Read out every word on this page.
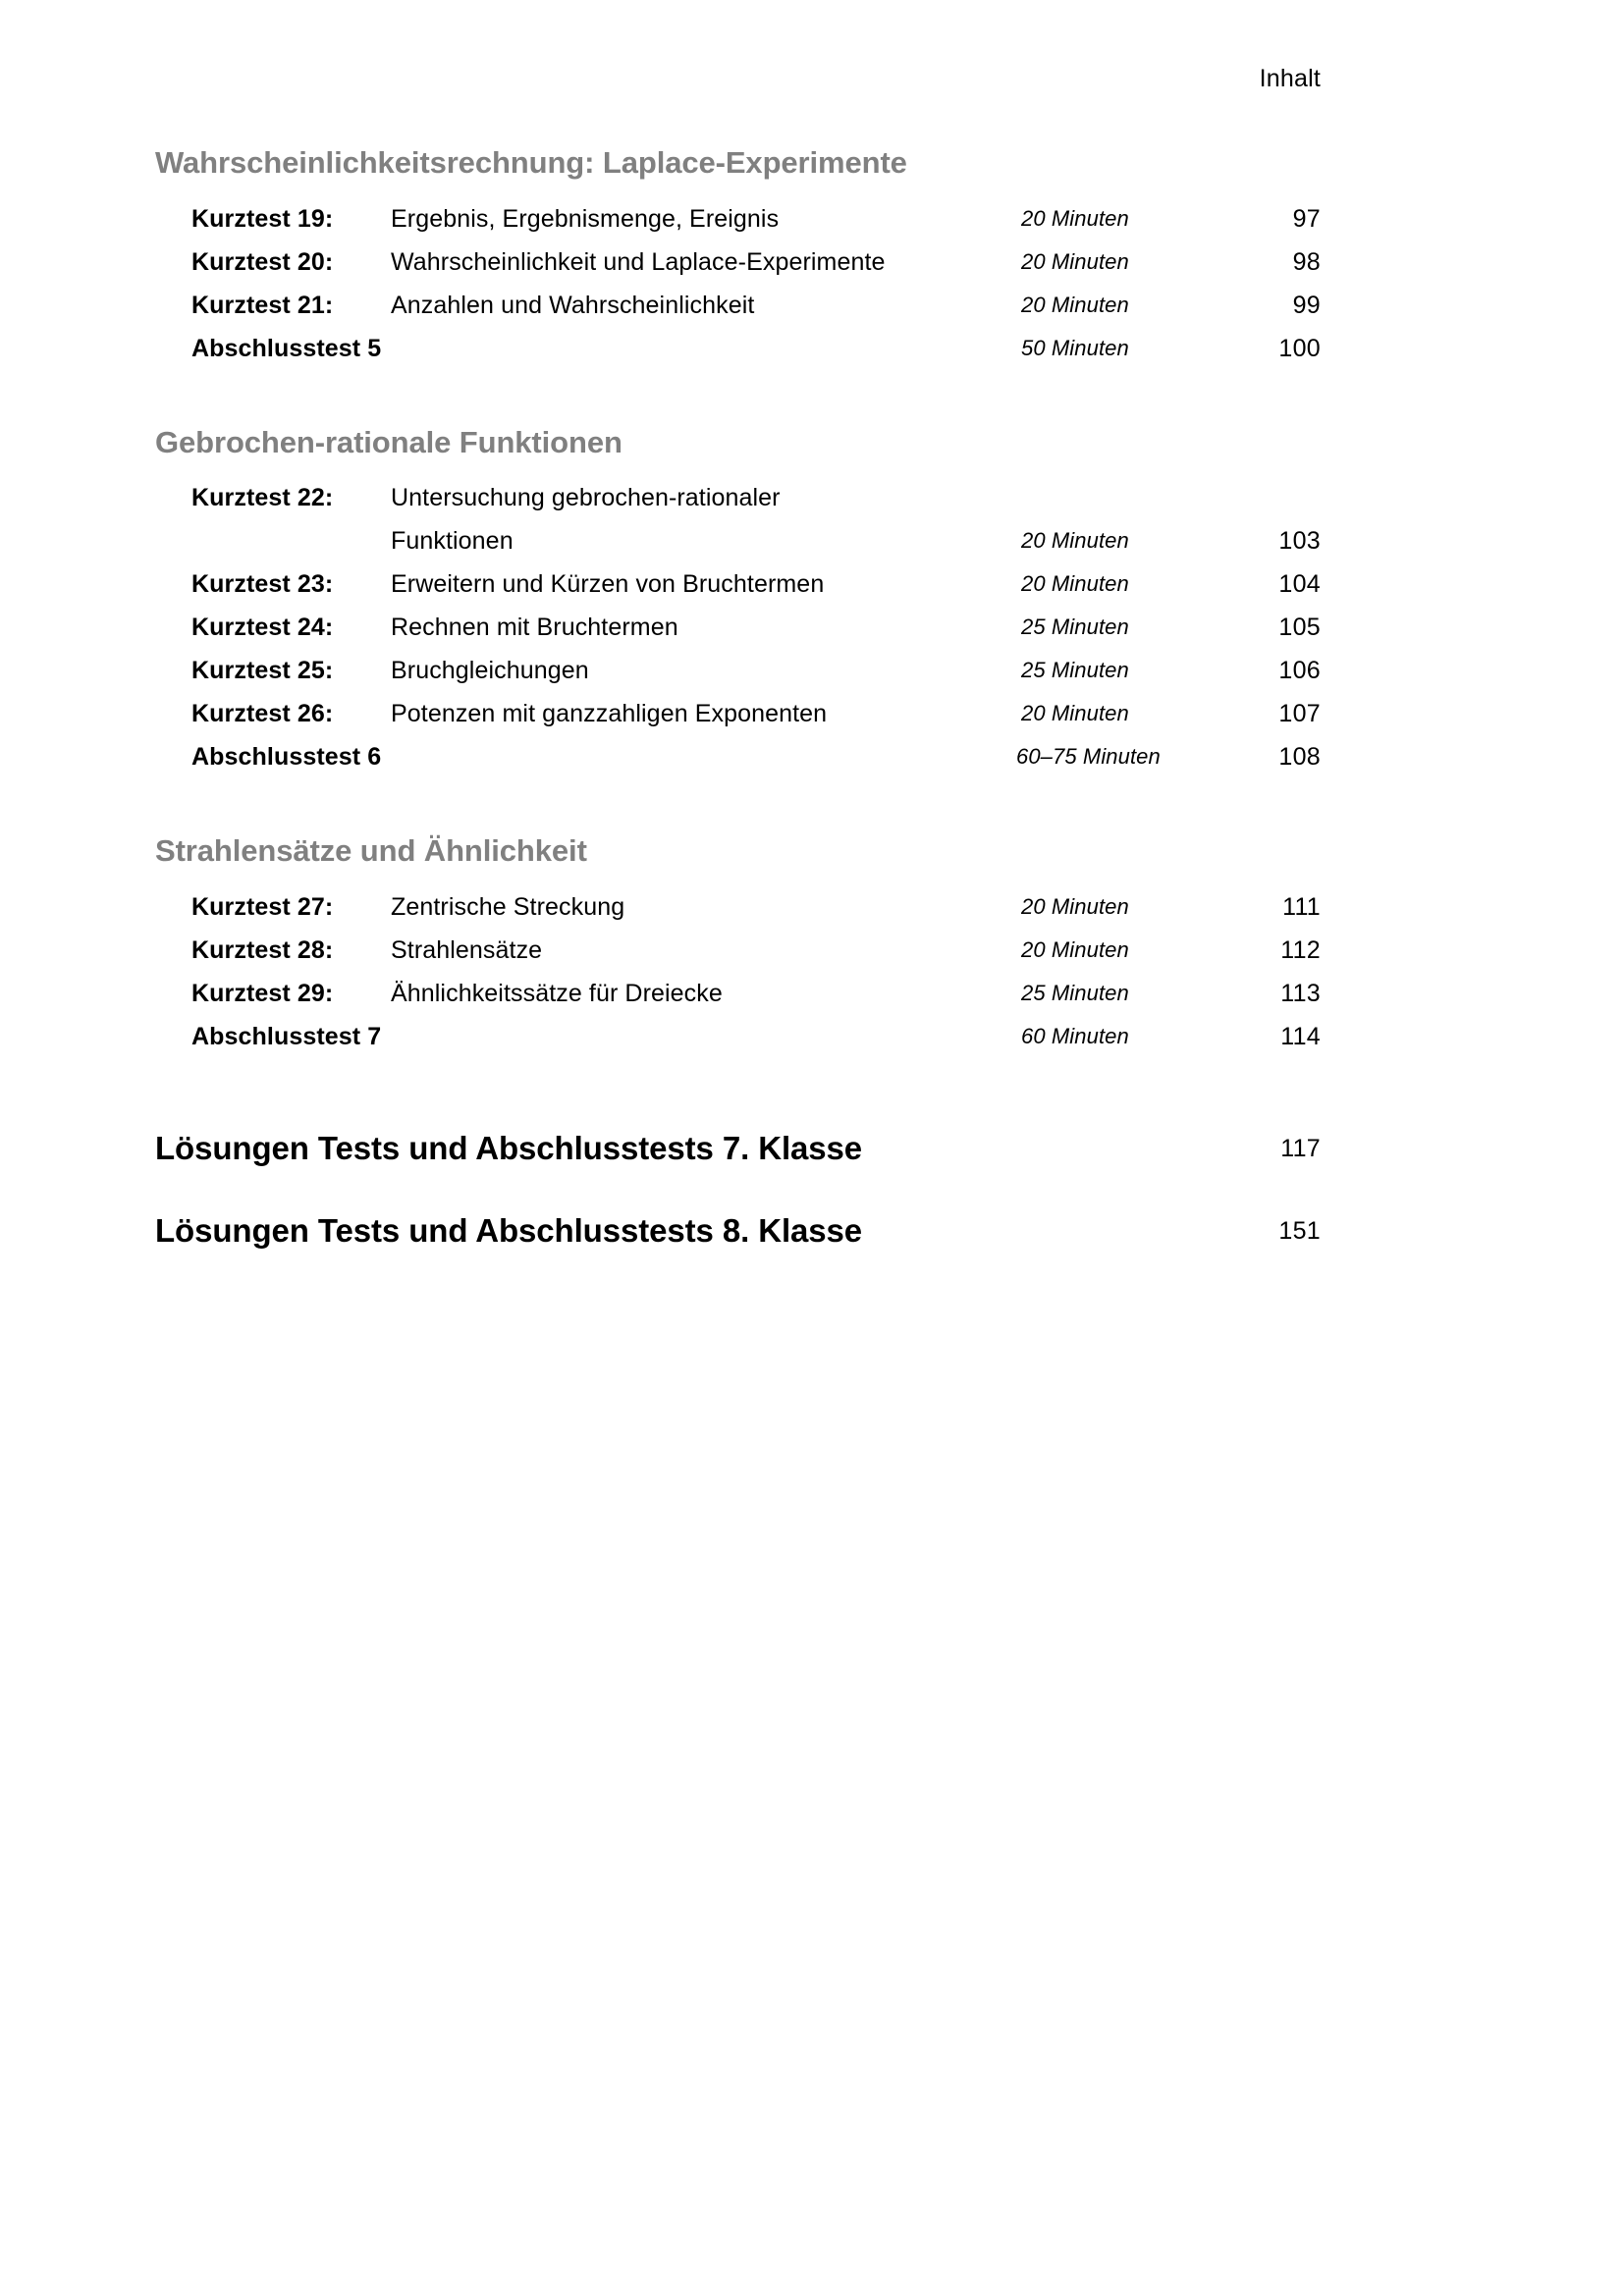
Inhalt
Wahrscheinlichkeitsrechnung: Laplace-Experimente
Kurztest 19: Ergebnis, Ergebnismenge, Ereignis	20 Minuten	97
Kurztest 20: Wahrscheinlichkeit und Laplace-Experimente	20 Minuten	98
Kurztest 21: Anzahlen und Wahrscheinlichkeit	20 Minuten	99
Abschlusstest 5	50 Minuten	100
Gebrochen-rationale Funktionen
Kurztest 22: Untersuchung gebrochen-rationaler
Funktionen	20 Minuten	103
Kurztest 23: Erweitern und Kürzen von Bruchtermen	20 Minuten	104
Kurztest 24: Rechnen mit Bruchtermen	25 Minuten	105
Kurztest 25: Bruchgleichungen	25 Minuten	106
Kurztest 26: Potenzen mit ganzzahligen Exponenten	20 Minuten	107
Abschlusstest 6	60–75 Minuten	108
Strahlensätze und Ähnlichkeit
Kurztest 27: Zentrische Streckung	20 Minuten	111
Kurztest 28: Strahlensätze	20 Minuten	112
Kurztest 29: Ähnlichkeitssätze für Dreiecke	25 Minuten	113
Abschlusstest 7	60 Minuten	114
Lösungen Tests und Abschlusstests 7. Klasse	117
Lösungen Tests und Abschlusstests 8. Klasse	151
